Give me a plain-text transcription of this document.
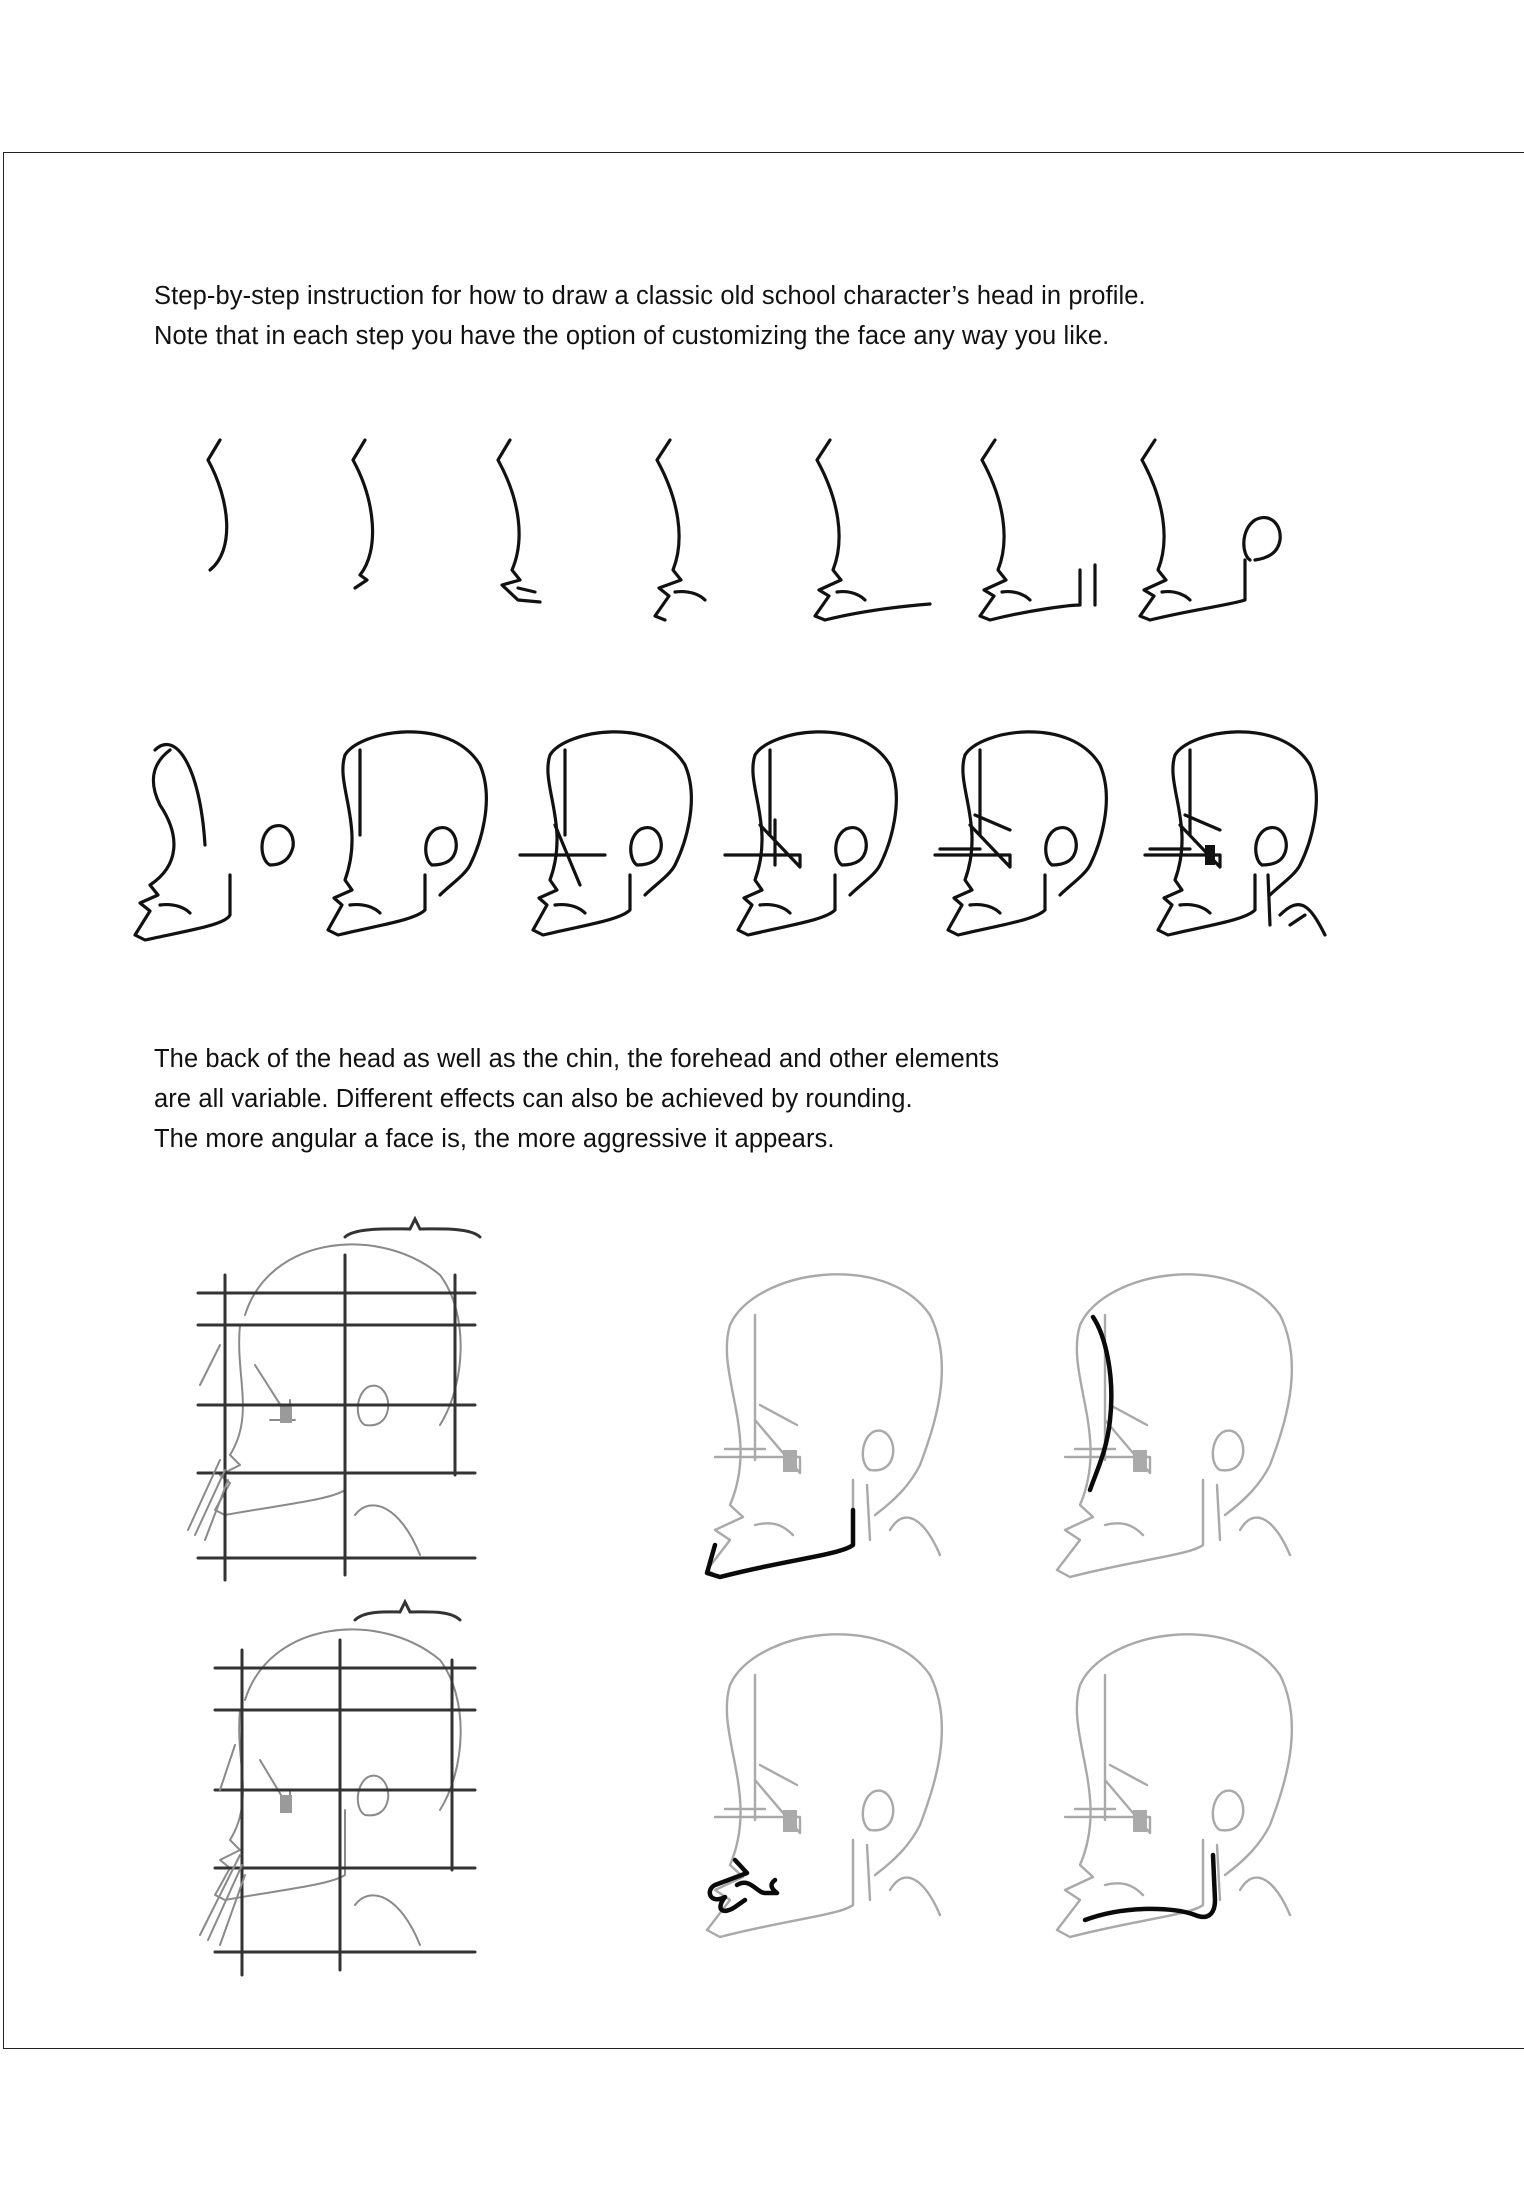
Step-by-step instruction for how to draw a classic old school character’s head in profile.

Note that in each step you have the option of customizing the face any way you like.

The back of the head as well as the chin, the forehead and other elements

are all variable. Different effects can also be achieved by rounding.

The more angular a face is, the more aggressive it appears.
